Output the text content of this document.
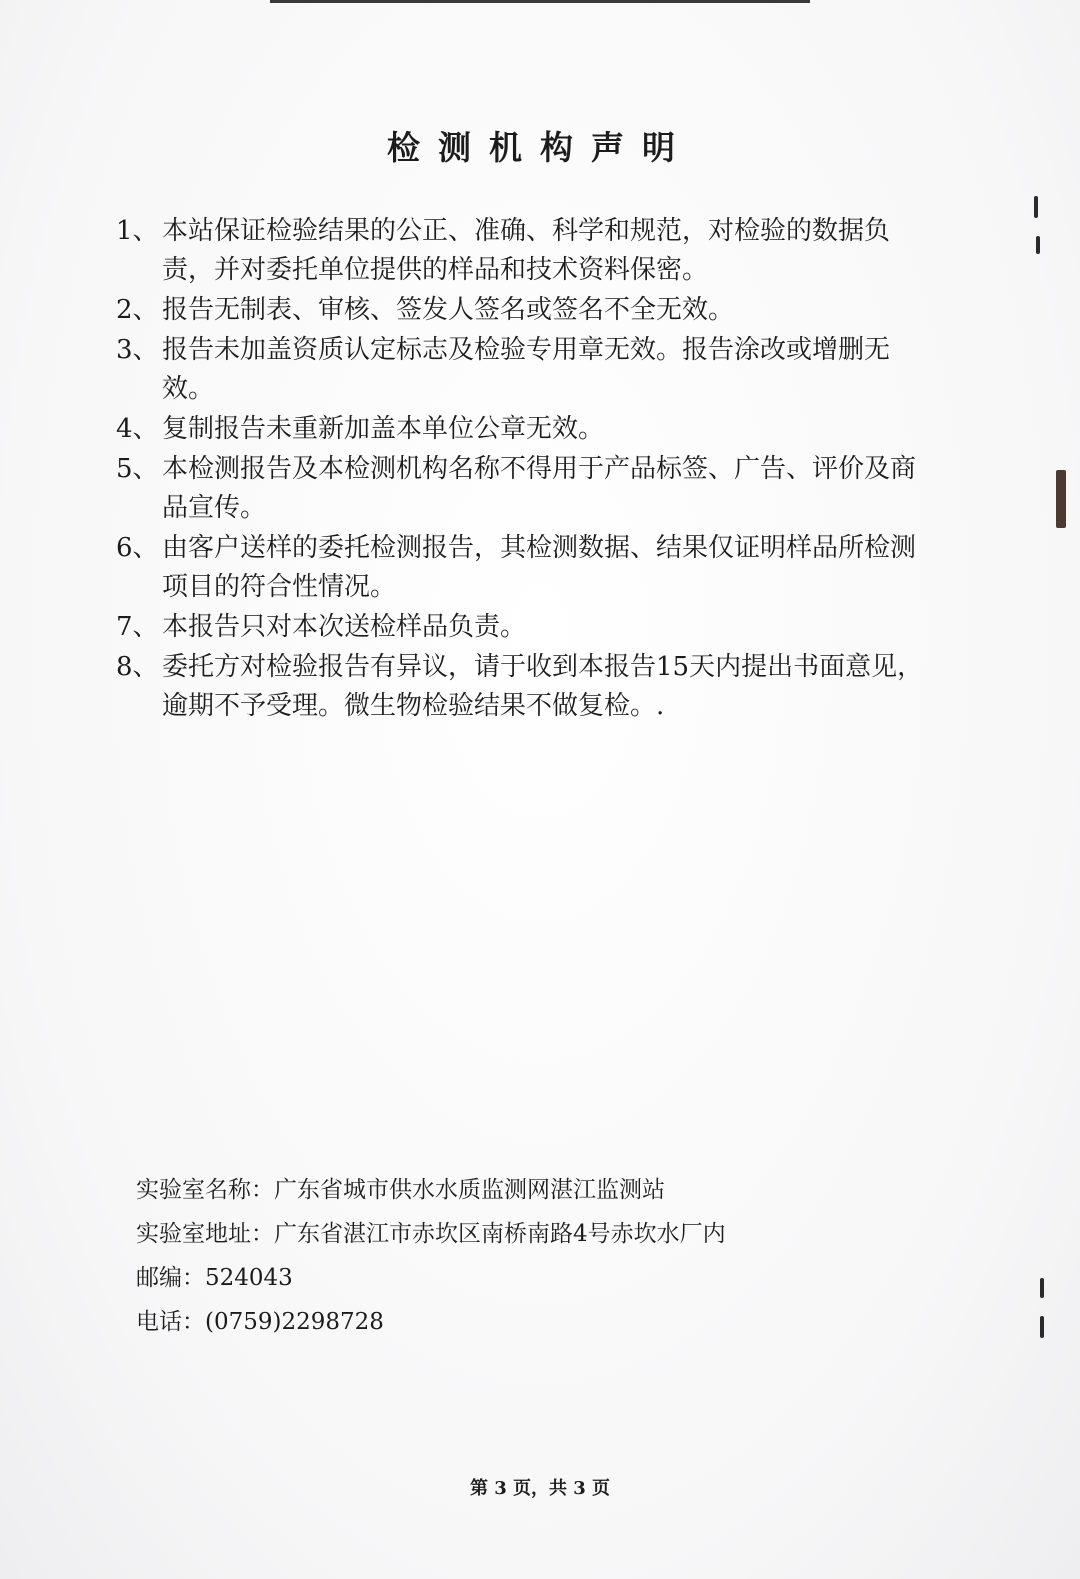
检测机构声明
1、 本站保证检验结果的公正、准确、科学和规范，对检验的数据负责，并对委托单位提供的样品和技术资料保密。
2、 报告无制表、审核、签发人签名或签名不全无效。
3、 报告未加盖资质认定标志及检验专用章无效。报告涂改或增删无效。
4、 复制报告未重新加盖本单位公章无效。
5、 本检测报告及本检测机构名称不得用于产品标签、广告、评价及商品宣传。
6、 由客户送样的委托检测报告，其检测数据、结果仅证明样品所检测项目的符合性情况。
7、 本报告只对本次送检样品负责。
8、 委托方对检验报告有异议，请于收到本报告15天内提出书面意见，逾期不予受理。微生物检验结果不做复检。.
实验室名称：广东省城市供水水质监测网湛江监测站
实验室地址：广东省湛江市赤坎区南桥南路4号赤坎水厂内
邮编：524043
电话：(0759)2298728
第 3 页，共 3 页
